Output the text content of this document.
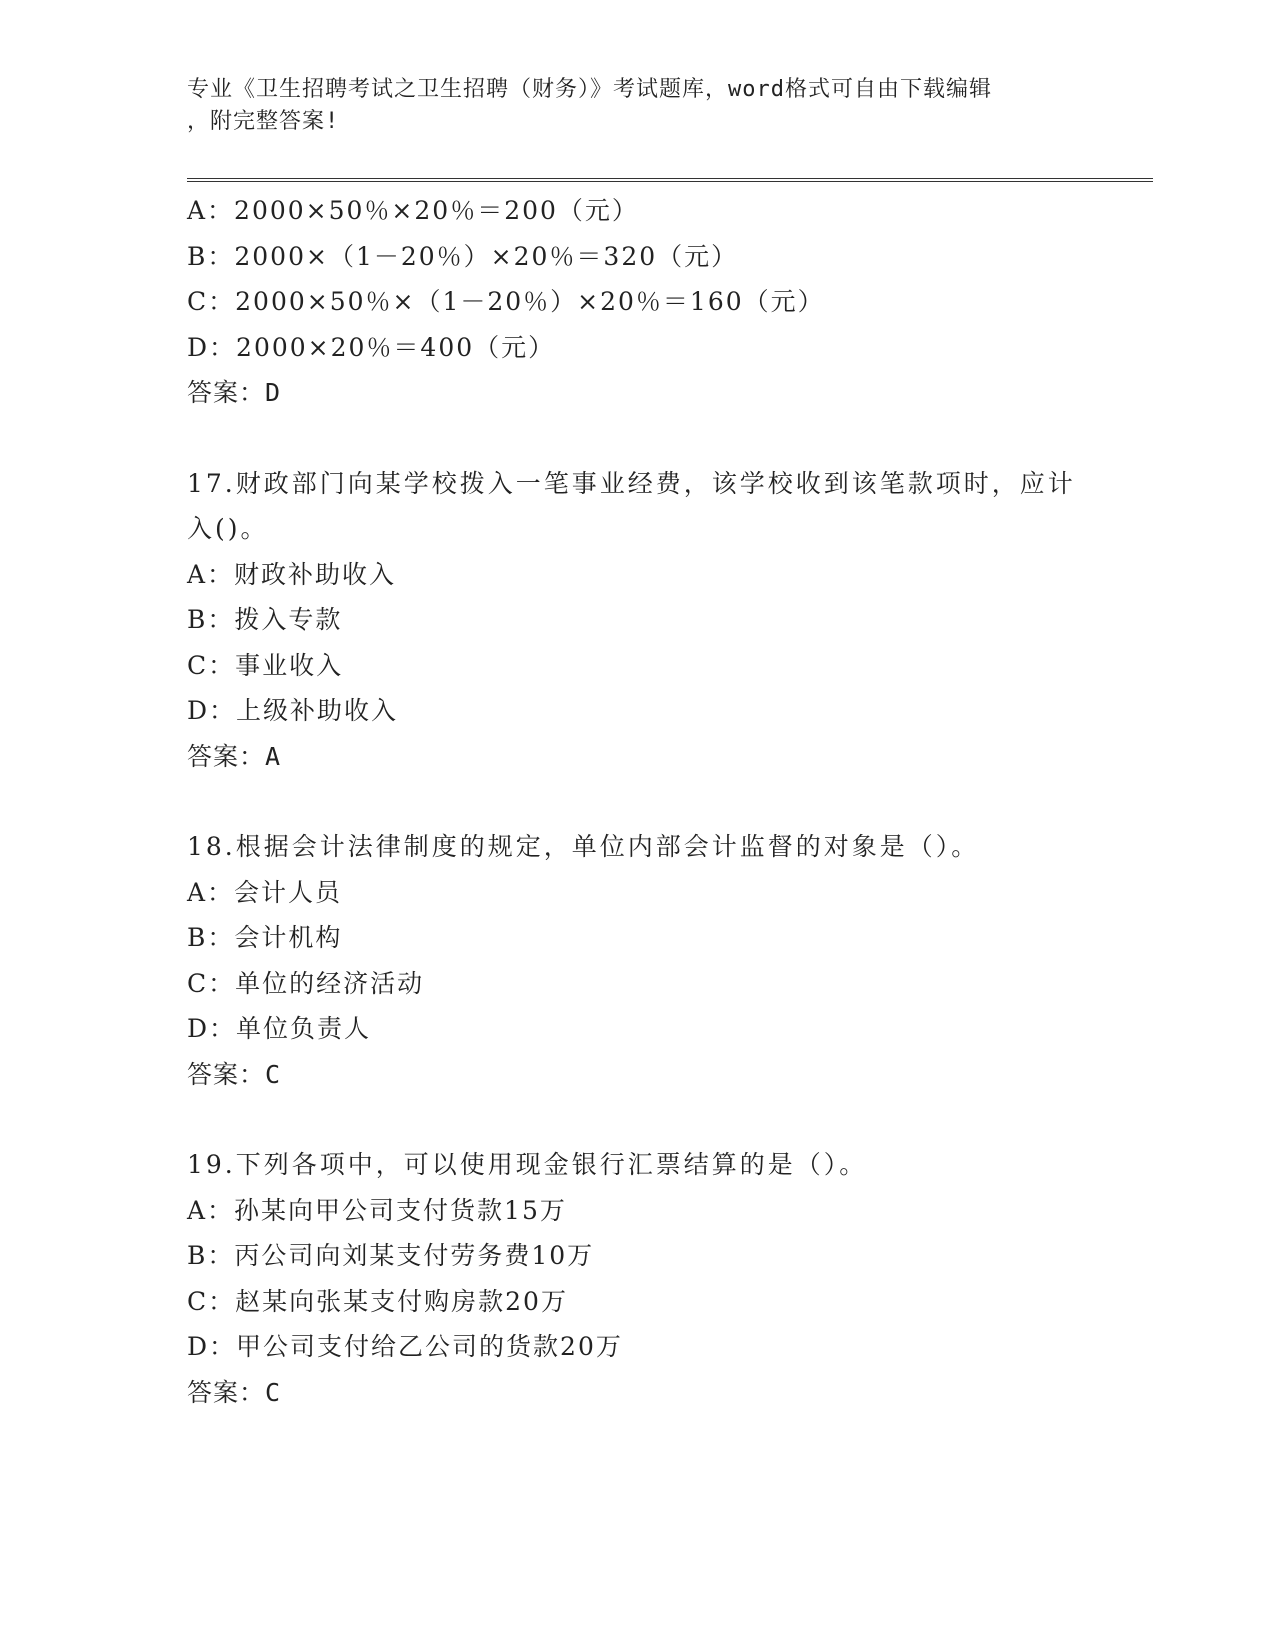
专业《卫生招聘考试之卫生招聘（财务）》考试题库，word格式可自由下载编辑
，附完整答案!
A：2000×50％×20％＝200（元）
B：2000×（1－20％）×20％＝320（元）
C：2000×50％×（1－20％）×20％＝160（元）
D：2000×20％＝400（元）
答案：D
17.财政部门向某学校拨入一笔事业经费，该学校收到该笔款项时，应计入()。
A：财政补助收入
B：拨入专款
C：事业收入
D：上级补助收入
答案：A
18.根据会计法律制度的规定，单位内部会计监督的对象是（）。
A：会计人员
B：会计机构
C：单位的经济活动
D：单位负责人
答案：C
19.下列各项中，可以使用现金银行汇票结算的是（）。
A：孙某向甲公司支付货款15万
B：丙公司向刘某支付劳务费10万
C：赵某向张某支付购房款20万
D：甲公司支付给乙公司的货款20万
答案：C
